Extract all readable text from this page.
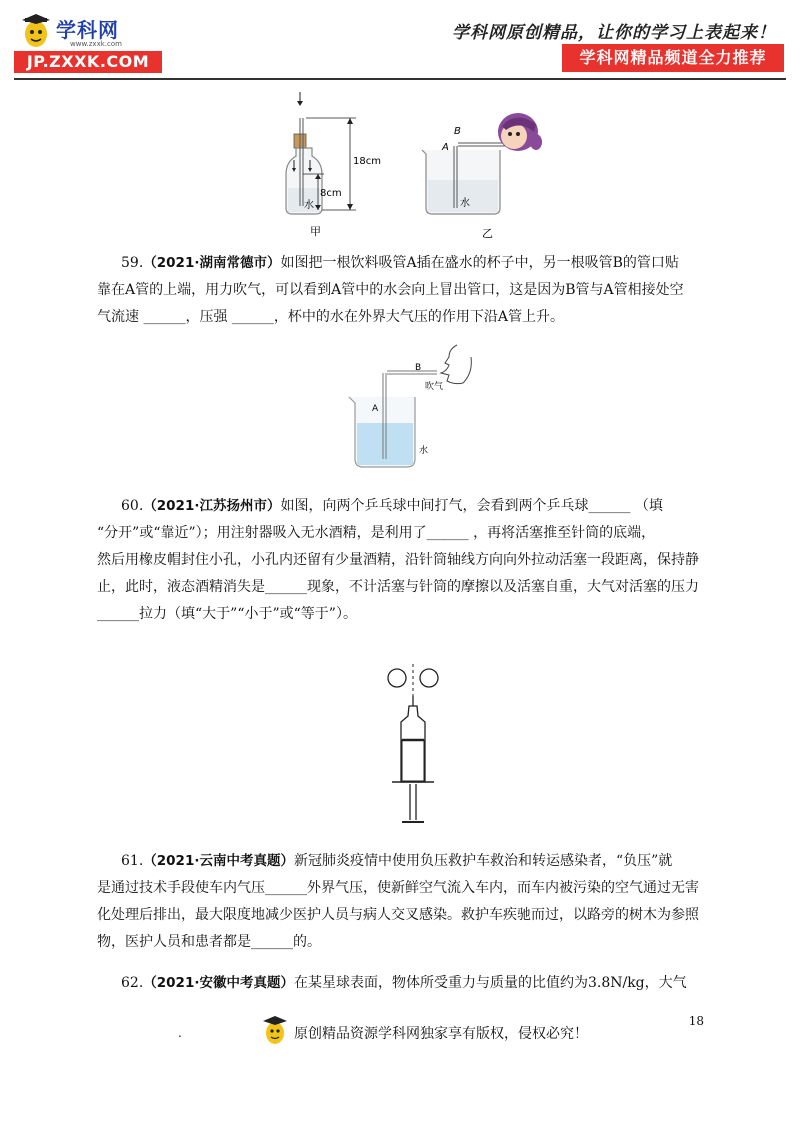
学科网
www.zxxk.com
JP.ZXXK.COM
学科网原创精品，让你的学习上表起来！
学科网精品频道全力推荐
水
18cm
8cm
甲
B
A
水
乙
59.（2021·湖南常德市）如图把一根饮料吸管A插在盛水的杯子中，另一根吸管B的管口贴
靠在A管的上端，用力吹气，可以看到A管中的水会向上冒出管口，这是因为B管与A管相接处空
气流速 ______，压强 ______，杯中的水在外界大气压的作用下沿A管上升。
B
吹气
A
水
60.（2021·江苏扬州市）如图，向两个乒乓球中间打气，会看到两个乒乓球______ （填
“分开”或“靠近”）；用注射器吸入无水酒精，是利用了______ ，再将活塞推至针筒的底端，
然后用橡皮帽封住小孔，小孔内还留有少量酒精，沿针筒轴线方向向外拉动活塞一段距离，保持静
止，此时，液态酒精消失是______现象，不计活塞与针筒的摩擦以及活塞自重，大气对活塞的压力
______拉力（填“大于”“小于”或“等于”）。
61.（2021·云南中考真题）新冠肺炎疫情中使用负压救护车救治和转运感染者，“负压”就
是通过技术手段使车内气压______外界气压，使新鲜空气流入车内，而车内被污染的空气通过无害
化处理后排出，最大限度地减少医护人员与病人交叉感染。救护车疾驰而过，以路旁的树木为参照
物，医护人员和患者都是______的。
62.（2021·安徽中考真题）在某星球表面，物体所受重力与质量的比值约为3.8N/kg，大气
18
.	原创精品资源学科网独家享有版权，侵权必究！
